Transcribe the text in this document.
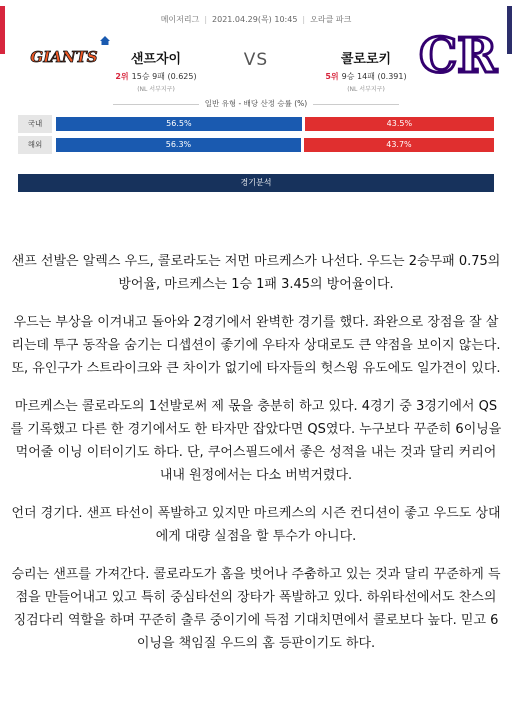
메이저리그 | 2021.04.29(목) 10:45 | 오라클 파크
GIANTS	샌프자이
2위 15승 9패 (0.625)
(NL 서부지구)
VS	콜로로키
5위 9승 14패 (0.391)
(NL 서부지구)
CR
일반 유형 - 배당 산정 승률 (%)
국내	56.5%	43.5%
해외	56.3%	43.7%
경기분석

샌프 선발은 알렉스 우드, 콜로라도는 저먼 마르케스가 나선다. 우드는 2승무패 0.75의 방어율, 마르케스는 1승 1패 3.45의 방어율이다.

우드는 부상을 이겨내고 돌아와 2경기에서 완벽한 경기를 했다. 좌완으로 장점을 잘 살리는데 투구 동작을 숨기는 디셉션이 좋기에 우타자 상대로도 큰 약점을 보이지 않는다. 또, 유인구가 스트라이크와 큰 차이가 없기에 타자들의 헛스윙 유도에도 일가견이 있다.

마르케스는 콜로라도의 1선발로써 제 몫을 충분히 하고 있다. 4경기 중 3경기에서 QS를 기록했고 다른 한 경기에서도 한 타자만 잡았다면 QS였다. 누구보다 꾸준히 6이닝을 먹어줄 이닝 이터이기도 하다. 단, 쿠어스필드에서 좋은 성적을 내는 것과 달리 커리어 내내 원정에서는 다소 버벅거렸다.

언더 경기다. 샌프 타선이 폭발하고 있지만 마르케스의 시즌 컨디션이 좋고 우드도 상대에게 대량 실점을 할 투수가 아니다.

승리는 샌프를 가져간다. 콜로라도가 홈을 벗어나 주춤하고 있는 것과 달리 꾸준하게 득점을 만들어내고 있고 특히 중심타선의 장타가 폭발하고 있다. 하위타선에서도 찬스의 징검다리 역할을 하며 꾸준히 출루 중이기에 득점 기대치면에서 콜로보다 높다. 믿고 6이닝을 책임질 우드의 홈 등판이기도 하다.
